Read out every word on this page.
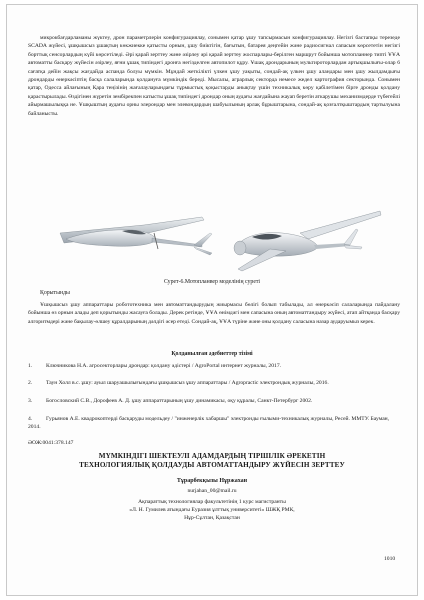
микрокбағдарламаны жүктеу, дрон параметрлерін конфигурациялау, сонымен қатар ұшу тапсырмасын конфигурациялау. Негізгі бастапқы терезеде SCADA жүйесі, ұшқышсыз ұшақтың көкжиекке қатысты орнын, ұшу биіктігін, бағытын, батарея деңгейін және радиосигнал сапасын көрсететін негізгі борттық сенсорлардың күйі көрсетіледі. Әрі қарай зерттеу және әзірлеу әрі қарай зерттеу жоспарлары-берілген маршрут бойынша мотопланнер типті ҰҰА автоматты басқару жүйесін әзірлеу, яғни ұшақ типіндегі дронға негізделген автопилот құру. Ұшақ дрондарының мультироторлардан артықшылығы-олар 6 сағатқа дейін жақсы жағдайда аспанда болуы мүмкін. Мұндай жеткілікті үлкен ұшу уақыты, сондай-ақ үлкен ұшу аландары мен ұшу жылдамдығы дрондарды өнеркәсіптің басқа салаларында қолдануға мүмкіндік береді. Мысалы, аграрлық секторда немесе жедел картография секторында. Сонымен қатар, Одесса айлағының Қара теңізінің жағалауларындағы тұрмыстық қоқыстарды анықтау үшін техникалық көру қабілетімен бірге дронды қолдану қарастырылады. Өздігінен жүретін зембірекпен катысты ұшақ типіндегі дрондар оның аудағы жағдайына жауап беретін аткарушы механизмдерде түбегейлі айырмашылыққа не. Ұшқыштың аудағы орны элерондар мен элевондардың шабуылының арлақ бұрыштарына, сондай-ақ қозғалтқыштардың тартылуына байланысты.

Сурет-6.Мотопланвер моделінің суреті
Қорытынды

Ұшқышсыз ұшу аппараттары робототехника мен автоматтандырудың жиырмасы бөлігі болып табылады, ал өнеркәсіп салаларында пайдалану бойынша өз орнын алады деп қорытынды жасауға болады. Дерек ретінде, ҰҰА өнімдәгі мен сапасына оның автоматтандыру жүйесі, атап айтқанда басқару алгоритмдері және бақылау-өлшеу құралдарының дәлдігі әсер етеді. Сондай-ақ, ҰҰА түріне және оны қолдану саласына назар аударуымыз керек.

Қолданылған әдебиеттер тізімі

1. Ключникова Н.А. агросекторлары дрондар: қолдану әдістері / AgroPortal интернет журналы, 2017.

2. Таун Холл в.с. ұшу: ауыл шаруашылығындағы ұшқышсыз ұшу аппараттары / Agropractic электрондық журналы, 2016.

3. Богословский С.В., Дорофеев А. Д. ұшу аппараттарының ұшу динамикасы, оқу құралы, Санкт-Петербург 2002.

4. Гурьянов А.Е. квадрокоптерді басқаруды модельдеу / "инженерлік хабаршы" электронды ғылыми-техникалық журналы, Ресей. ММТУ. Бауман, 2014.

ӘОЖ:0041:378.147
МҮМКІНДІГІ ШЕКТЕУЛІ АДАМДАРДЫҢ ТІРШІЛІК ӘРЕКЕТІН
ТЕХНОЛОГИЯЛЫҚ ҚОЛДАУДЫ АВТОМАТТАНДЫРУ ЖҮЙЕСІН ЗЕРТТЕУ
Тұрарбекқызы Нұржахан
nurjahan_00@mail.ru
Ақпараттық технологиялар факультетінің 1 курс магистранты
«Л. Н. Гумилев атындағы Еуразия ұлттық университеті» ШЖҚ РМК,
Нұр-Сұлтан, Қазақстан
1010
